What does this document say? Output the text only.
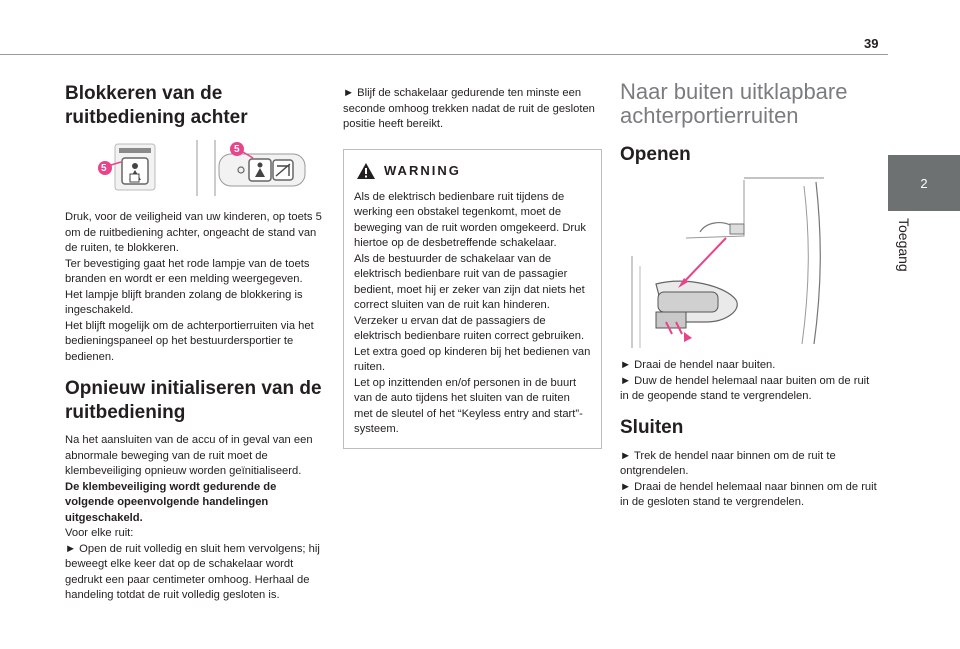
39
2
Toegang
Blokkeren van de ruitbediening achter
5
5

Druk, voor de veiligheid van uw kinderen, op toets 5 om de ruitbediening achter, ongeacht de stand van de ruiten, te blokkeren.

Ter bevestiging gaat het rode lampje van de toets branden en wordt er een melding weergegeven.

Het lampje blijft branden zolang de blokkering is ingeschakeld.

Het blijft mogelijk om de achterportierruiten via het bedieningspaneel op het bestuurdersportier te bedienen.

Opnieuw initialiseren van de ruitbediening

Na het aansluiten van de accu of in geval van een abnormale beweging van de ruit moet de klembeveiliging opnieuw worden geïnitialiseerd.

De klembeveiliging wordt gedurende de volgende opeenvolgende handelingen uitgeschakeld.

Voor elke ruit:

► Open de ruit volledig en sluit hem vervolgens; hij beweegt elke keer dat op de schakelaar wordt gedrukt een paar centimeter omhoog. Herhaal de handeling totdat de ruit volledig gesloten is.

► Blijf de schakelaar gedurende ten minste een seconde omhoog trekken nadat de ruit de gesloten positie heeft bereikt.

WARNING

Als de elektrisch bedienbare ruit tijdens de werking een obstakel tegenkomt, moet de beweging van de ruit worden omgekeerd. Druk hiertoe op de desbetreffende schakelaar.

Als de bestuurder de schakelaar van de elektrisch bedienbare ruit van de passagier bedient, moet hij er zeker van zijn dat niets het correct sluiten van de ruit kan hinderen.

Verzeker u ervan dat de passagiers de elektrisch bedienbare ruiten correct gebruiken.

Let extra goed op kinderen bij het bedienen van ruiten.

Let op inzittenden en/of personen in de buurt van de auto tijdens het sluiten van de ruiten met de sleutel of het “Keyless entry and start”-systeem.

Naar buiten uitklapbare achterportierruiten
Openen

► Draai de hendel naar buiten.

► Duw de hendel helemaal naar buiten om de ruit in de geopende stand te vergrendelen.

Sluiten

► Trek de hendel naar binnen om de ruit te ontgrendelen.

► Draai de hendel helemaal naar binnen om de ruit in de gesloten stand te vergrendelen.
